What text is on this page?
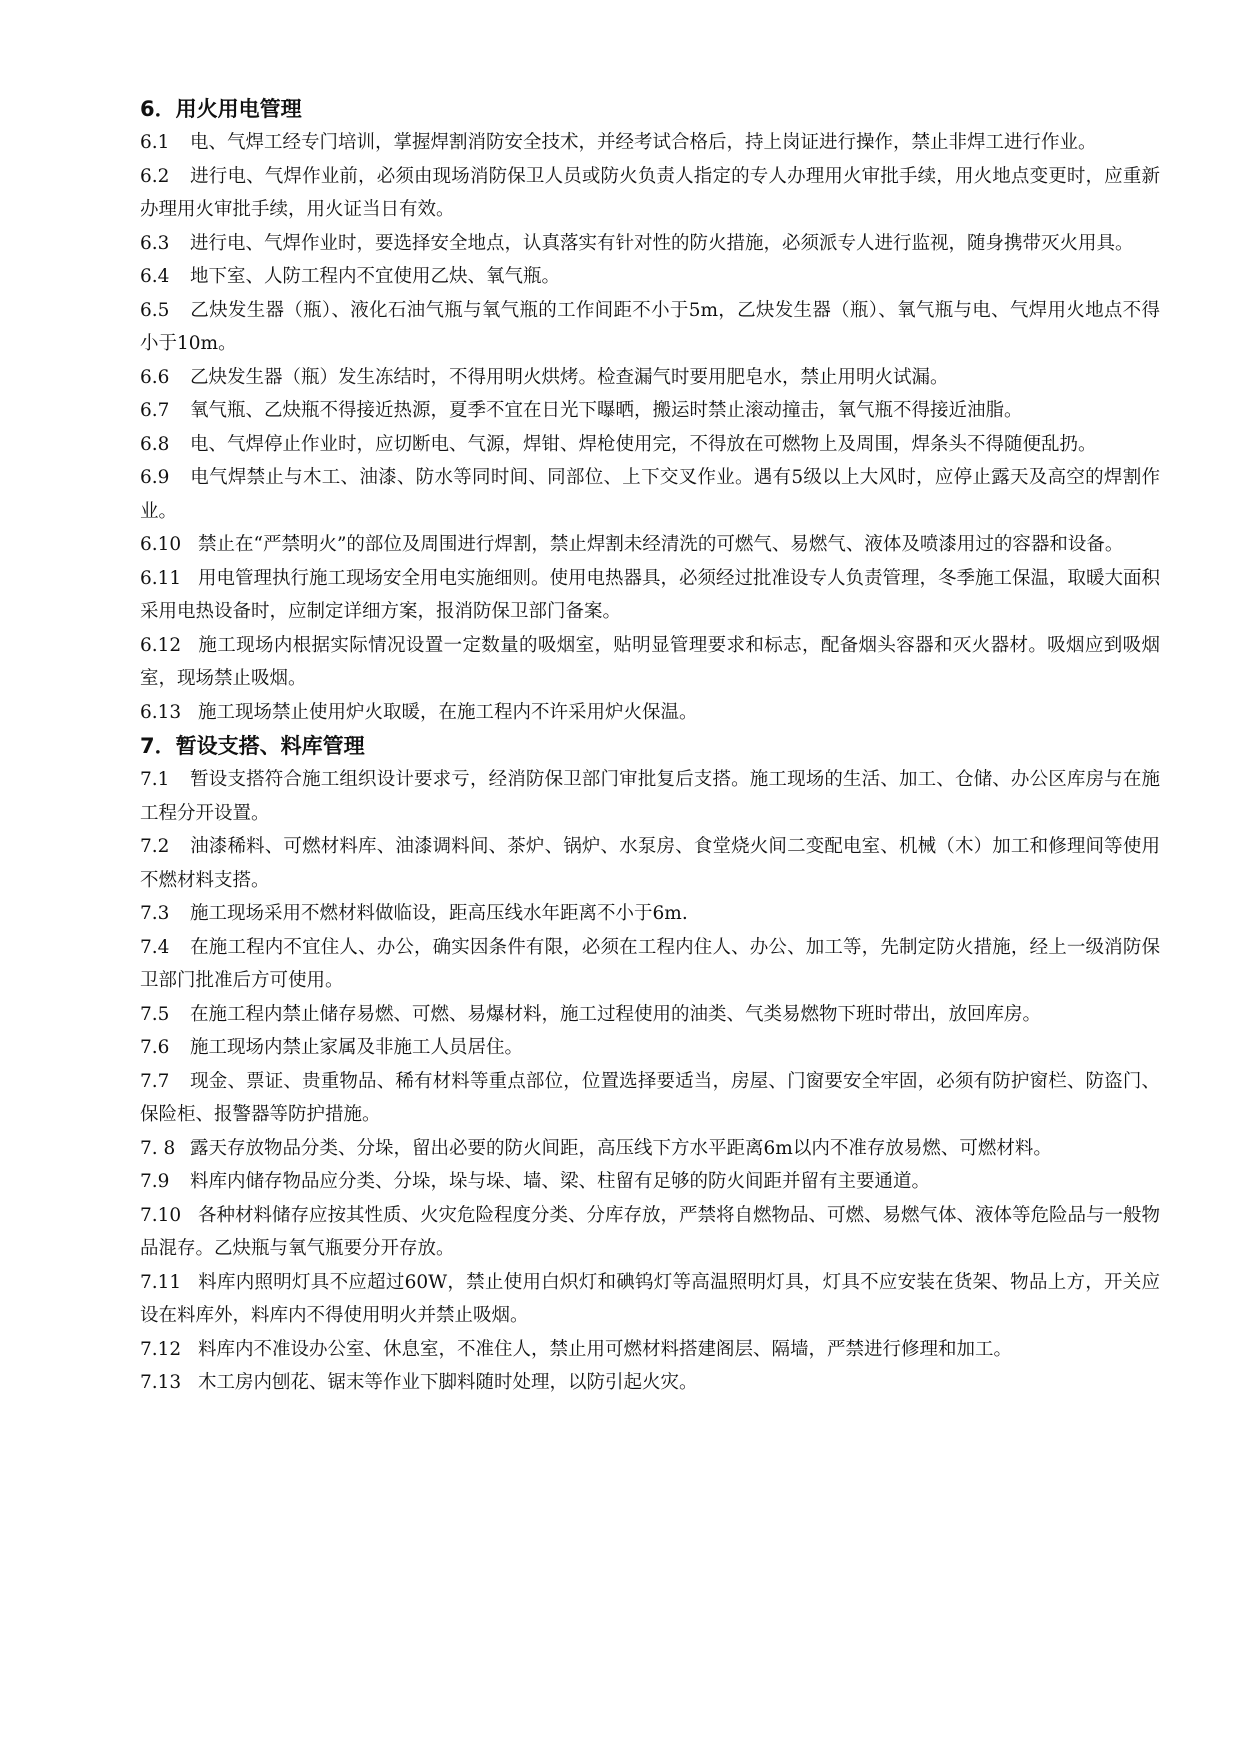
6．用火用电管理

6.1 电、气焊工经专门培训，掌握焊割消防安全技术，并经考试合格后，持上岗证进行操作，禁止非焊工进行作业。

6.2 进行电、气焊作业前，必须由现场消防保卫人员或防火负责人指定的专人办理用火审批手续，用火地点变更时，应重新办理用火审批手续，用火证当日有效。

6.3 进行电、气焊作业时，要选择安全地点，认真落实有针对性的防火措施，必须派专人进行监视，随身携带灭火用具。

6.4 地下室、人防工程内不宜使用乙炔、氧气瓶。

6.5 乙炔发生器（瓶）、液化石油气瓶与氧气瓶的工作间距不小于5m，乙炔发生器（瓶）、氧气瓶与电、气焊用火地点不得小于10m。

6.6 乙炔发生器（瓶）发生冻结时，不得用明火烘烤。检查漏气时要用肥皂水，禁止用明火试漏。

6.7 氧气瓶、乙炔瓶不得接近热源，夏季不宜在日光下曝晒，搬运时禁止滚动撞击，氧气瓶不得接近油脂。

6.8 电、气焊停止作业时，应切断电、气源，焊钳、焊枪使用完，不得放在可燃物上及周围，焊条头不得随便乱扔。

6.9 电气焊禁止与木工、油漆、防水等同时间、同部位、上下交叉作业。遇有5级以上大风时，应停止露天及高空的焊割作业。

6.10 禁止在“严禁明火”的部位及周围进行焊割，禁止焊割未经清洗的可燃气、易燃气、液体及喷漆用过的容器和设备。

6.11 用电管理执行施工现场安全用电实施细则。使用电热器具，必须经过批准设专人负责管理，冬季施工保温，取暖大面积采用电热设备时，应制定详细方案，报消防保卫部门备案。

6.12 施工现场内根据实际情况设置一定数量的吸烟室，贴明显管理要求和标志，配备烟头容器和灭火器材。吸烟应到吸烟室，现场禁止吸烟。

6.13 施工现场禁止使用炉火取暖，在施工程内不许采用炉火保温。

7．暂设支搭、料库管理

7.1 暂设支搭符合施工组织设计要求亏，经消防保卫部门审批复后支搭。施工现场的生活、加工、仓储、办公区库房与在施工程分开设置。

7.2 油漆稀料、可燃材料库、油漆调料间、茶炉、锅炉、水泵房、食堂烧火间二变配电室、机械（木）加工和修理间等使用不燃材料支搭。

7.3 施工现场采用不燃材料做临设，距高压线水年距离不小于6m.

7.4 在施工程内不宜住人、办公，确实因条件有限，必须在工程内住人、办公、加工等，先制定防火措施，经上一级消防保卫部门批准后方可使用。

7.5 在施工程内禁止储存易燃、可燃、易爆材料，施工过程使用的油类、气类易燃物下班时带出，放回库房。

7.6 施工现场内禁止家属及非施工人员居住。

7.7 现金、票证、贵重物品、稀有材料等重点部位，位置选择要适当，房屋、门窗要安全牢固，必须有防护窗栏、防盗门、保险柜、报警器等防护措施。

7. 8 露天存放物品分类、分垛，留出必要的防火间距，高压线下方水平距离6m以内不准存放易燃、可燃材料。

7.9 料库内储存物品应分类、分垛，垛与垛、墙、梁、柱留有足够的防火间距并留有主要通道。

7.10 各种材料储存应按其性质、火灾危险程度分类、分库存放，严禁将自燃物品、可燃、易燃气体、液体等危险品与一般物品混存。乙炔瓶与氧气瓶要分开存放。

7.11 料库内照明灯具不应超过60W，禁止使用白炽灯和碘钨灯等高温照明灯具，灯具不应安装在货架、物品上方，开关应设在料库外，料库内不得使用明火并禁止吸烟。

7.12 料库内不准设办公室、休息室，不准住人，禁止用可燃材料搭建阁层、隔墙，严禁进行修理和加工。

7.13 木工房内刨花、锯末等作业下脚料随时处理，以防引起火灾。
